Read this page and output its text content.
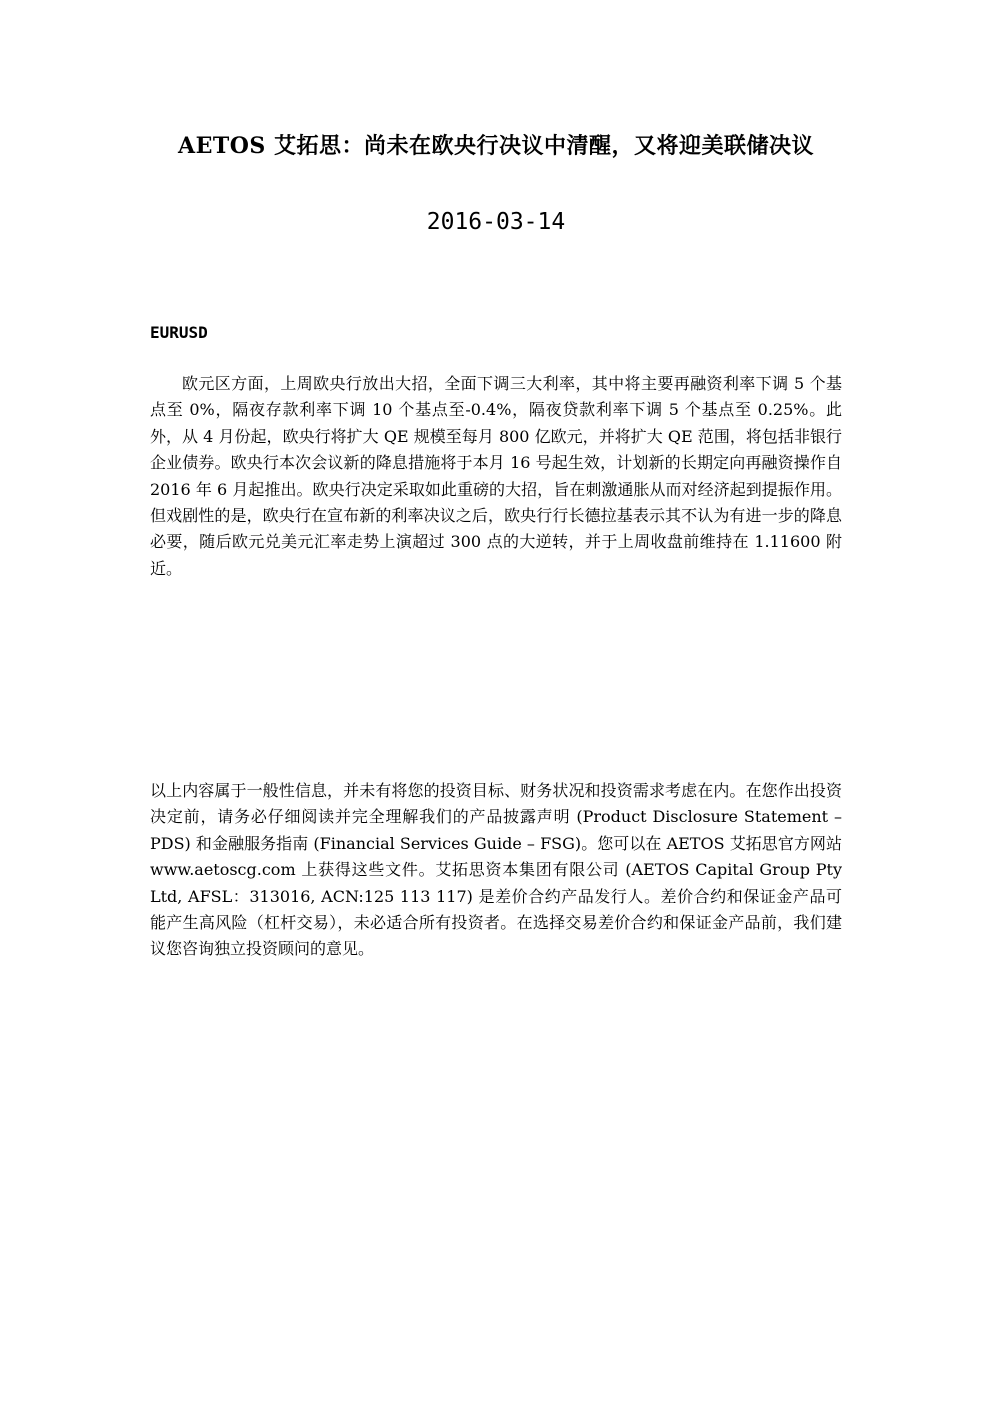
AETOS 艾拓思：尚未在欧央行决议中清醒，又将迎美联储决议
2016-03-14
EURUSD

欧元区方面，上周欧央行放出大招，全面下调三大利率，其中将主要再融资利率下调 5 个基点至 0%，隔夜存款利率下调 10 个基点至-0.4%，隔夜贷款利率下调 5 个基点至 0.25%。此外，从 4 月份起，欧央行将扩大 QE 规模至每月 800 亿欧元，并将扩大 QE 范围，将包括非银行企业债券。欧央行本次会议新的降息措施将于本月 16 号起生效，计划新的长期定向再融资操作自 2016 年 6 月起推出。欧央行决定采取如此重磅的大招，旨在刺激通胀从而对经济起到提振作用。但戏剧性的是，欧央行在宣布新的利率决议之后，欧央行行长德拉基表示其不认为有进一步的降息必要，随后欧元兑美元汇率走势上演超过 300 点的大逆转，并于上周收盘前维持在 1.11600 附近。

以上内容属于一般性信息，并未有将您的投资目标、财务状况和投资需求考虑在内。在您作出投资决定前，请务必仔细阅读并完全理解我们的产品披露声明 (Product Disclosure Statement – PDS) 和金融服务指南 (Financial Services Guide – FSG)。您可以在 AETOS 艾拓思官方网站 www.aetoscg.com 上获得这些文件。艾拓思资本集团有限公司 (AETOS Capital Group Pty Ltd, AFSL：313016, ACN:125 113 117) 是差价合约产品发行人。差价合约和保证金产品可能产生高风险（杠杆交易），未必适合所有投资者。在选择交易差价合约和保证金产品前，我们建议您咨询独立投资顾问的意见。
